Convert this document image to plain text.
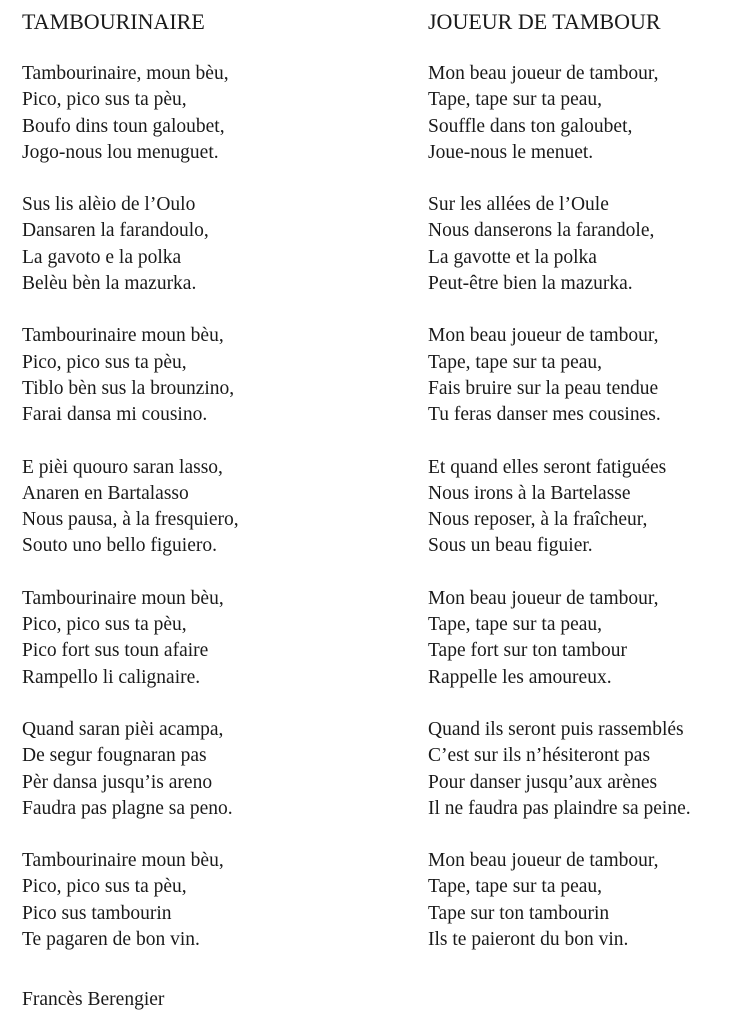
TAMBOURINAIRE
Tambourinaire, moun bèu,
Pico, pico sus ta pèu,
Boufo dins toun galoubet,
Jogo-nous lou menuguet.
Sus lis alèio de l’Oulo
Dansaren la farandoulo,
La gavoto e la polka
Belèu bèn la mazurka.
Tambourinaire moun bèu,
Pico, pico sus ta pèu,
Tiblo bèn sus la brounzino,
Farai dansa mi cousino.
E pièi quouro saran lasso,
Anaren en Bartalasso
Nous pausa, à la fresquiero,
Souto uno bello figuiero.
Tambourinaire moun bèu,
Pico, pico sus ta pèu,
Pico fort sus toun afaire
Rampello li calignaire.
Quand saran pièi acampa,
De segur fougnaran pas
Pèr dansa jusqu’is areno
Faudra pas plagne sa peno.
Tambourinaire moun bèu,
Pico, pico sus ta pèu,
Pico sus tambourin
Te pagaren de bon vin.
JOUEUR DE TAMBOUR
Mon beau joueur de tambour,
Tape, tape sur ta peau,
Souffle dans ton galoubet,
Joue-nous le menuet.
Sur les allées de l’Oule
Nous danserons la farandole,
La gavotte et la polka
Peut-être bien la mazurka.
Mon beau joueur de tambour,
Tape, tape sur ta peau,
Fais bruire sur la peau tendue
Tu feras danser mes cousines.
Et quand elles seront fatiguées
Nous irons à la Bartelasse
Nous reposer, à la fraîcheur,
Sous un beau figuier.
Mon beau joueur de tambour,
Tape, tape sur ta peau,
Tape fort sur ton tambour
Rappelle les amoureux.
Quand ils seront puis rassemblés
C’est sur ils n’hésiteront pas
Pour danser jusqu’aux arènes
Il ne faudra pas plaindre sa peine.
Mon beau joueur de tambour,
Tape, tape sur ta peau,
Tape sur ton tambourin
Ils te paieront du bon vin.
Francès Berengier
